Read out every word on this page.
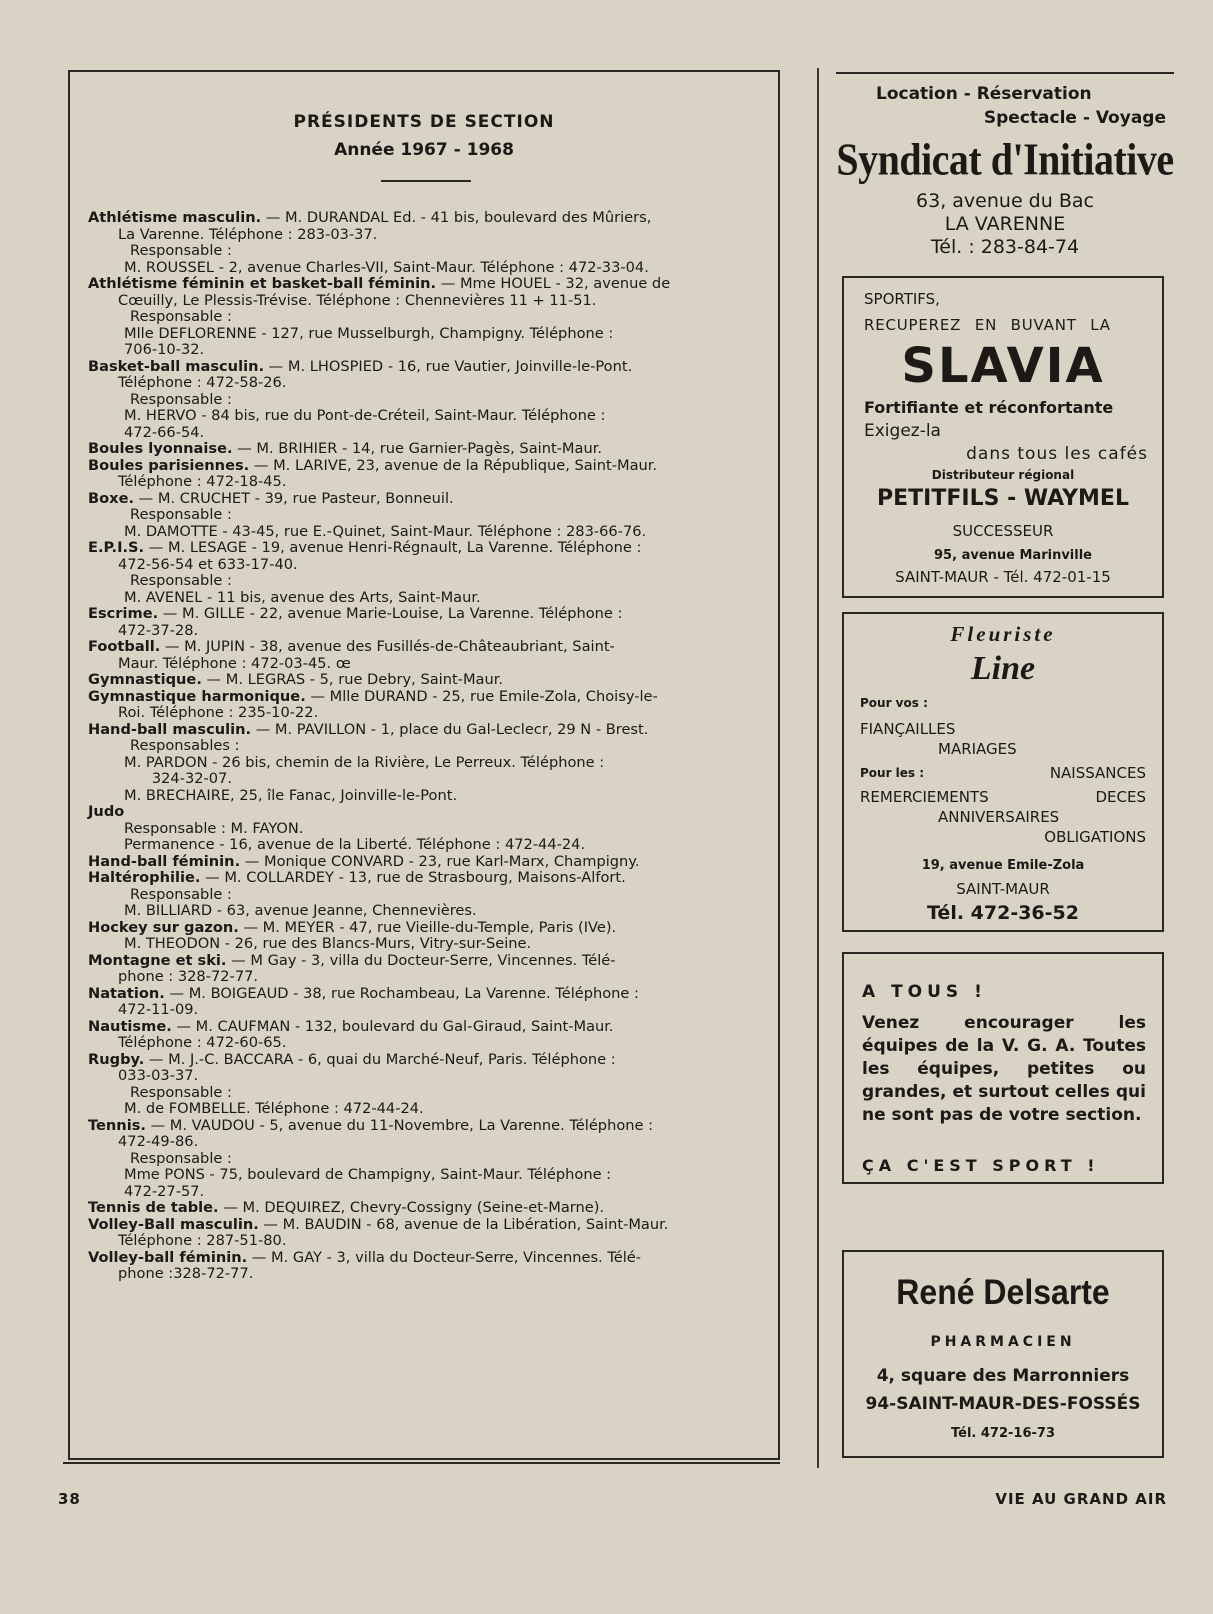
PRÉSIDENTS DE SECTION
Année 1967 - 1968

Athlétisme masculin. — M. DURANDAL Ed. - 41 bis, boulevard des Mûriers,

La Varenne. Téléphone : 283-03-37.

Responsable :

M. ROUSSEL - 2, avenue Charles-VII, Saint-Maur. Téléphone : 472-33-04.

Athlétisme féminin et basket-ball féminin. — Mme HOUEL - 32, avenue de

Cœuilly, Le Plessis-Trévise. Téléphone : Chennevières 11 + 11-51.

Responsable :

Mlle DEFLORENNE - 127, rue Musselburgh, Champigny. Téléphone :

706-10-32.

Basket-ball masculin. — M. LHOSPIED - 16, rue Vautier, Joinville-le-Pont.

Téléphone : 472-58-26.

Responsable :

M. HERVO - 84 bis, rue du Pont-de-Créteil, Saint-Maur. Téléphone :

472-66-54.

Boules lyonnaise. — M. BRIHIER - 14, rue Garnier-Pagès, Saint-Maur.

Boules parisiennes. — M. LARIVE, 23, avenue de la République, Saint-Maur.

Téléphone : 472-18-45.

Boxe. — M. CRUCHET - 39, rue Pasteur, Bonneuil.

Responsable :

M. DAMOTTE - 43-45, rue E.-Quinet, Saint-Maur. Téléphone : 283-66-76.

E.P.I.S. — M. LESAGE - 19, avenue Henri-Régnault, La Varenne. Téléphone :

472-56-54 et 633-17-40.

Responsable :

M. AVENEL - 11 bis, avenue des Arts, Saint-Maur.

Escrime. — M. GILLE - 22, avenue Marie-Louise, La Varenne. Téléphone :

472-37-28.

Football. — M. JUPIN - 38, avenue des Fusillés-de-Châteaubriant, Saint-

Maur. Téléphone : 472-03-45. œ

Gymnastique. — M. LEGRAS - 5, rue Debry, Saint-Maur.

Gymnastique harmonique. — Mlle DURAND - 25, rue Emile-Zola, Choisy-le-

Roi. Téléphone : 235-10-22.

Hand-ball masculin. — M. PAVILLON - 1, place du Gal-Leclecr, 29 N - Brest.

Responsables :

M. PARDON - 26 bis, chemin de la Rivière, Le Perreux. Téléphone :

324-32-07.

M. BRECHAIRE, 25, île Fanac, Joinville-le-Pont.

Judo

Responsable : M. FAYON.

Permanence - 16, avenue de la Liberté. Téléphone : 472-44-24.

Hand-ball féminin. — Monique CONVARD - 23, rue Karl-Marx, Champigny.

Haltérophilie. — M. COLLARDEY - 13, rue de Strasbourg, Maisons-Alfort.

Responsable :

M. BILLIARD - 63, avenue Jeanne, Chennevières.

Hockey sur gazon. — M. MEYER - 47, rue Vieille-du-Temple, Paris (IVe).

M. THEODON - 26, rue des Blancs-Murs, Vitry-sur-Seine.

Montagne et ski. — M Gay - 3, villa du Docteur-Serre, Vincennes. Télé-

phone : 328-72-77.

Natation. — M. BOIGEAUD - 38, rue Rochambeau, La Varenne. Téléphone :

472-11-09.

Nautisme. — M. CAUFMAN - 132, boulevard du Gal-Giraud, Saint-Maur.

Téléphone : 472-60-65.

Rugby. — M. J.-C. BACCARA - 6, quai du Marché-Neuf, Paris. Téléphone :

033-03-37.

Responsable :

M. de FOMBELLE. Téléphone : 472-44-24.

Tennis. — M. VAUDOU - 5, avenue du 11-Novembre, La Varenne. Téléphone :

472-49-86.

Responsable :

Mme PONS - 75, boulevard de Champigny, Saint-Maur. Téléphone :

472-27-57.

Tennis de table. — M. DEQUIREZ, Chevry-Cossigny (Seine-et-Marne).

Volley-Ball masculin. — M. BAUDIN - 68, avenue de la Libération, Saint-Maur.

Téléphone : 287-51-80.

Volley-ball féminin. — M. GAY - 3, villa du Docteur-Serre, Vincennes. Télé-

phone :328-72-77.

Location - Réservation
Spectacle - Voyage
Syndicat d'Initiative
63, avenue du Bac
LA VARENNE
Tél. : 283-84-74
SPORTIFS,
RECUPEREZ EN BUVANT LA
SLAVIA
Fortifiante et réconfortante
Exigez-la
dans tous les cafés
Distributeur régional
PETITFILS - WAYMEL
SUCCESSEUR
95, avenue Marinville
SAINT-MAUR - Tél. 472-01-15
Fleuriste
Line
Pour vos :
FIANÇAILLES
MARIAGES
Pour les :	NAISSANCES
REMERCIEMENTS	DECES
ANNIVERSAIRES
OBLIGATIONS
19, avenue Emile-Zola
SAINT-MAUR
Tél. 472-36-52
A TOUS !
Venez encourager les équipes de la V. G. A. Toutes les équipes, petites ou grandes, et surtout celles qui ne sont pas de votre section.
ÇA C'EST SPORT !
René Delsarte
PHARMACIEN
4, square des Marronniers
94-SAINT-MAUR-DES-FOSSÉS
Tél. 472-16-73
38	VIE AU GRAND AIR
